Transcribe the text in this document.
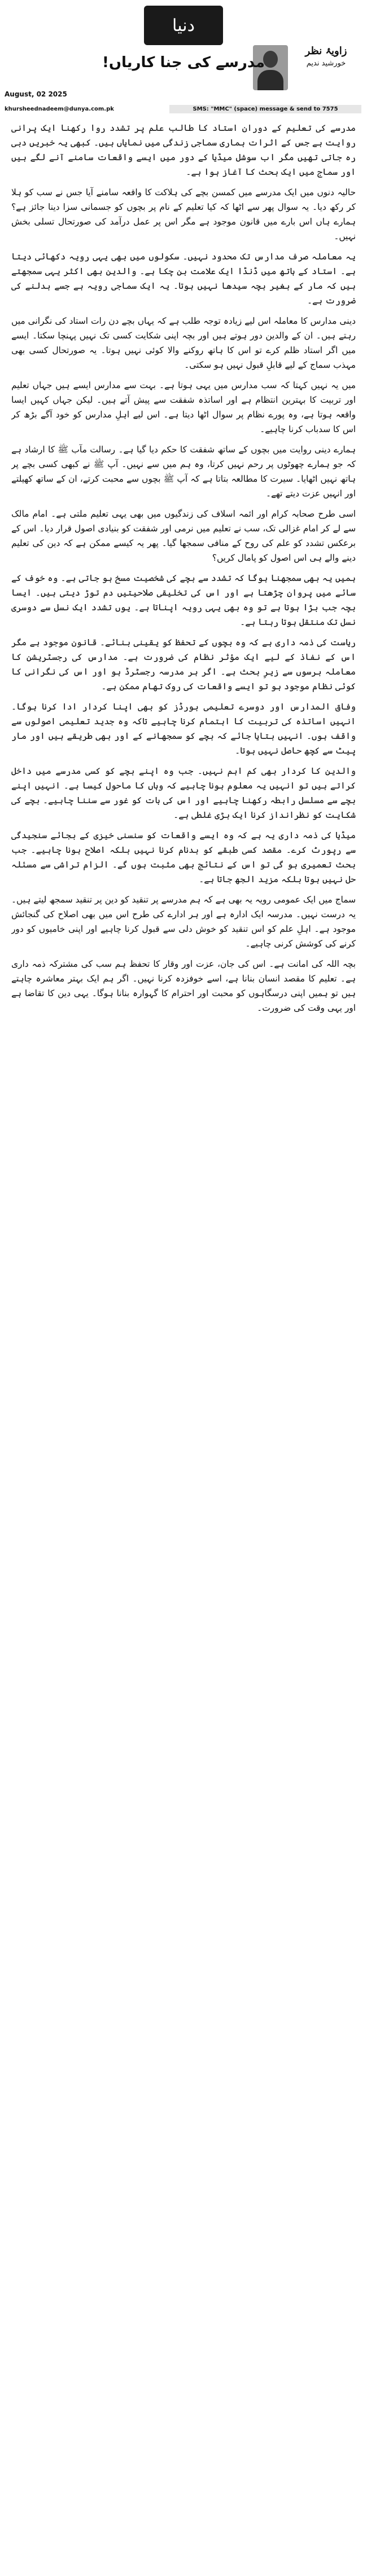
دنیا
زاویۂ نظر
خورشید ندیم
مدرسے کی جنا کاریاں!
August, 02 2025
SMS: "MMC" (space) message & send to 7575
khursheednadeem@dunya.com.pk

مدرسے کی تعلیم کے دوران استاد کا طالب علم پر تشدد روا رکھنا ایک پرانی روایت ہے جس کے اثرات ہماری سماجی زندگی میں نمایاں ہیں۔ کبھی یہ خبریں دبی رہ جاتی تھیں مگر اب سوشل میڈیا کے دور میں ایسے واقعات سامنے آنے لگے ہیں اور سماج میں ایک بحث کا آغاز ہوا ہے۔

حالیہ دنوں میں ایک مدرسے میں کمسن بچے کی ہلاکت کا واقعہ سامنے آیا جس نے سب کو ہلا کر رکھ دیا۔ یہ سوال پھر سے اٹھا کہ کیا تعلیم کے نام پر بچوں کو جسمانی سزا دینا جائز ہے؟ ہمارے ہاں اس بارے میں قانون موجود ہے مگر اس پر عمل درآمد کی صورتحال تسلی بخش نہیں۔

یہ معاملہ صرف مدارس تک محدود نہیں۔ سکولوں میں بھی یہی رویہ دکھائی دیتا ہے۔ استاد کے ہاتھ میں ڈنڈا ایک علامت بن چکا ہے۔ والدین بھی اکثر یہی سمجھتے ہیں کہ مار کے بغیر بچہ سیدھا نہیں ہوتا۔ یہ ایک سماجی رویہ ہے جسے بدلنے کی ضرورت ہے۔

دینی مدارس کا معاملہ اس لیے زیادہ توجہ طلب ہے کہ یہاں بچے دن رات استاد کی نگرانی میں رہتے ہیں۔ ان کے والدین دور ہوتے ہیں اور بچہ اپنی شکایت کسی تک نہیں پہنچا سکتا۔ ایسے میں اگر استاد ظلم کرے تو اس کا ہاتھ روکنے والا کوئی نہیں ہوتا۔ یہ صورتحال کسی بھی مہذب سماج کے لیے قابلِ قبول نہیں ہو سکتی۔

میں یہ نہیں کہتا کہ سب مدارس میں یہی ہوتا ہے۔ بہت سے مدارس ایسے ہیں جہاں تعلیم اور تربیت کا بہترین انتظام ہے اور اساتذہ شفقت سے پیش آتے ہیں۔ لیکن جہاں کہیں ایسا واقعہ ہوتا ہے، وہ پورے نظام پر سوال اٹھا دیتا ہے۔ اس لیے اہلِ مدارس کو خود آگے بڑھ کر اس کا سدباب کرنا چاہیے۔

ہمارے دینی روایت میں بچوں کے ساتھ شفقت کا حکم دیا گیا ہے۔ رسالت مآب ﷺ کا ارشاد ہے کہ جو ہمارے چھوٹوں پر رحم نہیں کرتا، وہ ہم میں سے نہیں۔ آپ ﷺ نے کبھی کسی بچے پر ہاتھ نہیں اٹھایا۔ سیرت کا مطالعہ بتاتا ہے کہ آپ ﷺ بچوں سے محبت کرتے، ان کے ساتھ کھیلتے اور انہیں عزت دیتے تھے۔

اسی طرح صحابہ کرام اور ائمہ اسلاف کی زندگیوں میں بھی یہی تعلیم ملتی ہے۔ امام مالک سے لے کر امام غزالی تک، سب نے تعلیم میں نرمی اور شفقت کو بنیادی اصول قرار دیا۔ اس کے برعکس تشدد کو علم کی روح کے منافی سمجھا گیا۔ پھر یہ کیسے ممکن ہے کہ دین کی تعلیم دینے والے ہی اس اصول کو پامال کریں؟

ہمیں یہ بھی سمجھنا ہوگا کہ تشدد سے بچے کی شخصیت مسخ ہو جاتی ہے۔ وہ خوف کے سائے میں پروان چڑھتا ہے اور اس کی تخلیقی صلاحیتیں دم توڑ دیتی ہیں۔ ایسا بچہ جب بڑا ہوتا ہے تو وہ بھی یہی رویہ اپناتا ہے۔ یوں تشدد ایک نسل سے دوسری نسل تک منتقل ہوتا رہتا ہے۔

ریاست کی ذمہ داری ہے کہ وہ بچوں کے تحفظ کو یقینی بنائے۔ قانون موجود ہے مگر اس کے نفاذ کے لیے ایک مؤثر نظام کی ضرورت ہے۔ مدارس کی رجسٹریشن کا معاملہ برسوں سے زیرِ بحث ہے۔ اگر ہر مدرسہ رجسٹرڈ ہو اور اس کی نگرانی کا کوئی نظام موجود ہو تو ایسے واقعات کی روک تھام ممکن ہے۔

وفاق المدارس اور دوسرے تعلیمی بورڈز کو بھی اپنا کردار ادا کرنا ہوگا۔ انہیں اساتذہ کی تربیت کا اہتمام کرنا چاہیے تاکہ وہ جدید تعلیمی اصولوں سے واقف ہوں۔ انہیں بتایا جائے کہ بچے کو سمجھانے کے اور بھی طریقے ہیں اور مار پیٹ سے کچھ حاصل نہیں ہوتا۔

والدین کا کردار بھی کم اہم نہیں۔ جب وہ اپنے بچے کو کسی مدرسے میں داخل کراتے ہیں تو انہیں یہ معلوم ہونا چاہیے کہ وہاں کا ماحول کیسا ہے۔ انہیں اپنے بچے سے مسلسل رابطہ رکھنا چاہیے اور اس کی بات کو غور سے سننا چاہیے۔ بچے کی شکایت کو نظرانداز کرنا ایک بڑی غلطی ہے۔

میڈیا کی ذمہ داری یہ ہے کہ وہ ایسے واقعات کو سنسنی خیزی کے بجائے سنجیدگی سے رپورٹ کرے۔ مقصد کسی طبقے کو بدنام کرنا نہیں بلکہ اصلاح ہونا چاہیے۔ جب بحث تعمیری ہو گی تو اس کے نتائج بھی مثبت ہوں گے۔ الزام تراشی سے مسئلہ حل نہیں ہوتا بلکہ مزید الجھ جاتا ہے۔

سماج میں ایک عمومی رویہ یہ بھی ہے کہ ہم مدرسے پر تنقید کو دین پر تنقید سمجھ لیتے ہیں۔ یہ درست نہیں۔ مدرسہ ایک ادارہ ہے اور ہر ادارے کی طرح اس میں بھی اصلاح کی گنجائش موجود ہے۔ اہلِ علم کو اس تنقید کو خوش دلی سے قبول کرنا چاہیے اور اپنی خامیوں کو دور کرنے کی کوشش کرنی چاہیے۔

بچہ اللہ کی امانت ہے۔ اس کی جان، عزت اور وقار کا تحفظ ہم سب کی مشترکہ ذمہ داری ہے۔ تعلیم کا مقصد انسان بنانا ہے، اسے خوفزدہ کرنا نہیں۔ اگر ہم ایک بہتر معاشرہ چاہتے ہیں تو ہمیں اپنی درسگاہوں کو محبت اور احترام کا گہوارہ بنانا ہوگا۔ یہی دین کا تقاضا ہے اور یہی وقت کی ضرورت۔
